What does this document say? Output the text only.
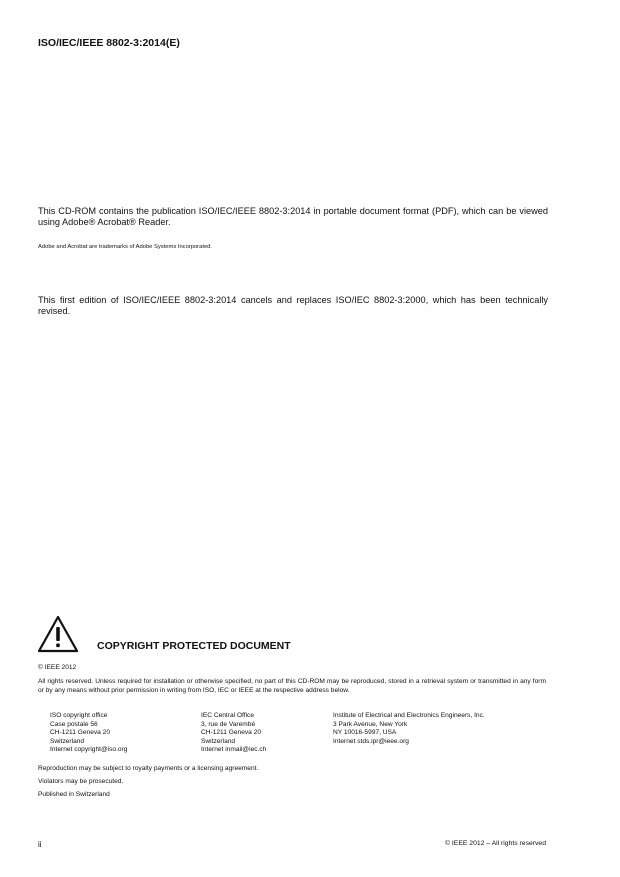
ISO/IEC/IEEE 8802-3:2014(E)
This CD-ROM contains the publication ISO/IEC/IEEE 8802-3:2014 in portable document format (PDF), which can be viewed using Adobe® Acrobat® Reader.
Adobe and Acrobat are trademarks of Adobe Systems Incorporated.
This first edition of ISO/IEC/IEEE 8802-3:2014 cancels and replaces ISO/IEC 8802-3:2000, which has been technically revised.
COPYRIGHT PROTECTED DOCUMENT
© IEEE 2012
All rights reserved. Unless required for installation or otherwise specified, no part of this CD-ROM may be reproduced, stored in a retrieval system or transmitted in any form or by any means without prior permission in writing from ISO, IEC or IEEE at the respective address below.
ISO copyright office
Case postale 56
CH-1211 Geneva 20
Switzerland
Internet copyright@iso.org
IEC Central Office
3, rue de Varembé
CH-1211 Geneva 20
Switzerland
Internet inmail@iec.ch
Institute of Electrical and Electronics Engineers, Inc.
3 Park Avenue, New York
NY 10016-5997, USA
Internet stds.ipr@ieee.org
Reproduction may be subject to royalty payments or a licensing agreement.
Violators may be prosecuted.
Published in Switzerland
ii	© IEEE 2012 – All rights reserved
